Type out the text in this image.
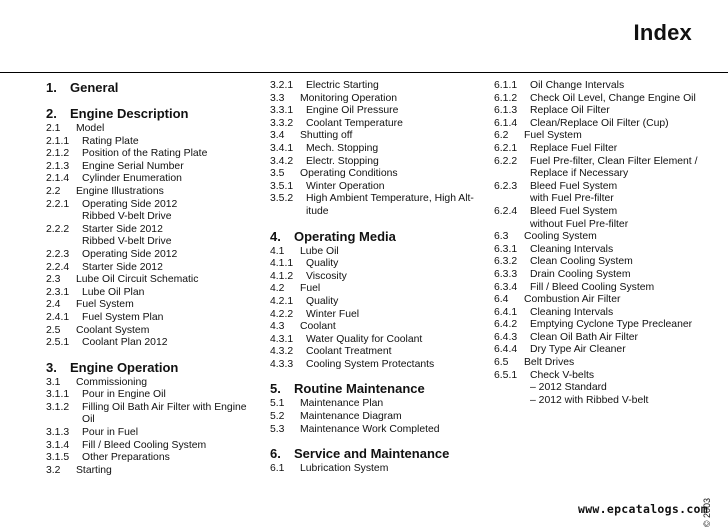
Index
1.	General
2.	Engine Description
2.1	Model
2.1.1	Rating Plate
2.1.2	Position of the Rating Plate
2.1.3	Engine Serial Number
2.1.4	Cylinder Enumeration
2.2	Engine Illustrations
2.2.1	Operating Side 2012
Ribbed V-belt Drive
2.2.2	Starter Side 2012
Ribbed V-belt Drive
2.2.3	Operating Side 2012
2.2.4	Starter Side 2012
2.3	Lube Oil Circuit Schematic
2.3.1	Lube Oil Plan
2.4	Fuel System
2.4.1	Fuel System Plan
2.5	Coolant System
2.5.1	Coolant Plan 2012
3.	Engine Operation
3.1	Commissioning
3.1.1	Pour in Engine Oil
3.1.2	Filling Oil Bath Air Filter with Engine
Oil
3.1.3	Pour in Fuel
3.1.4	Fill / Bleed Cooling System
3.1.5	Other Preparations
3.2	Starting
3.2.1	Electric Starting
3.3	Monitoring Operation
3.3.1	Engine Oil Pressure
3.3.2	Coolant Temperature
3.4	Shutting off
3.4.1	Mech. Stopping
3.4.2	Electr. Stopping
3.5	Operating Conditions
3.5.1	Winter Operation
3.5.2	High Ambient Temperature, High Alt-
itude
4.	Operating Media
4.1	Lube Oil
4.1.1	Quality
4.1.2	Viscosity
4.2	Fuel
4.2.1	Quality
4.2.2	Winter Fuel
4.3	Coolant
4.3.1	Water Quality for Coolant
4.3.2	Coolant Treatment
4.3.3	Cooling System Protectants
5.	Routine Maintenance
5.1	Maintenance Plan
5.2	Maintenance Diagram
5.3	Maintenance Work Completed
6.	Service and Maintenance
6.1	Lubrication System
6.1.1	Oil Change Intervals
6.1.2	Check Oil Level, Change Engine Oil
6.1.3	Replace Oil Filter
6.1.4	Clean/Replace Oil Filter (Cup)
6.2	Fuel System
6.2.1	Replace Fuel Filter
6.2.2	Fuel Pre-filter, Clean Filter Element /
Replace if Necessary
6.2.3	Bleed Fuel System
with Fuel Pre-filter
6.2.4	Bleed Fuel System
without Fuel Pre-filter
6.3	Cooling System
6.3.1	Cleaning Intervals
6.3.2	Clean Cooling System
6.3.3	Drain Cooling System
6.3.4	Fill / Bleed Cooling System
6.4	Combustion Air Filter
6.4.1	Cleaning Intervals
6.4.2	Emptying Cyclone Type Precleaner
6.4.3	Clean Oil Bath Air Filter
6.4.4	Dry Type Air Cleaner
6.5	Belt Drives
6.5.1	Check V-belts
– 2012 Standard
– 2012 with Ribbed V-belt
© 2003
www.epcatalogs.com
